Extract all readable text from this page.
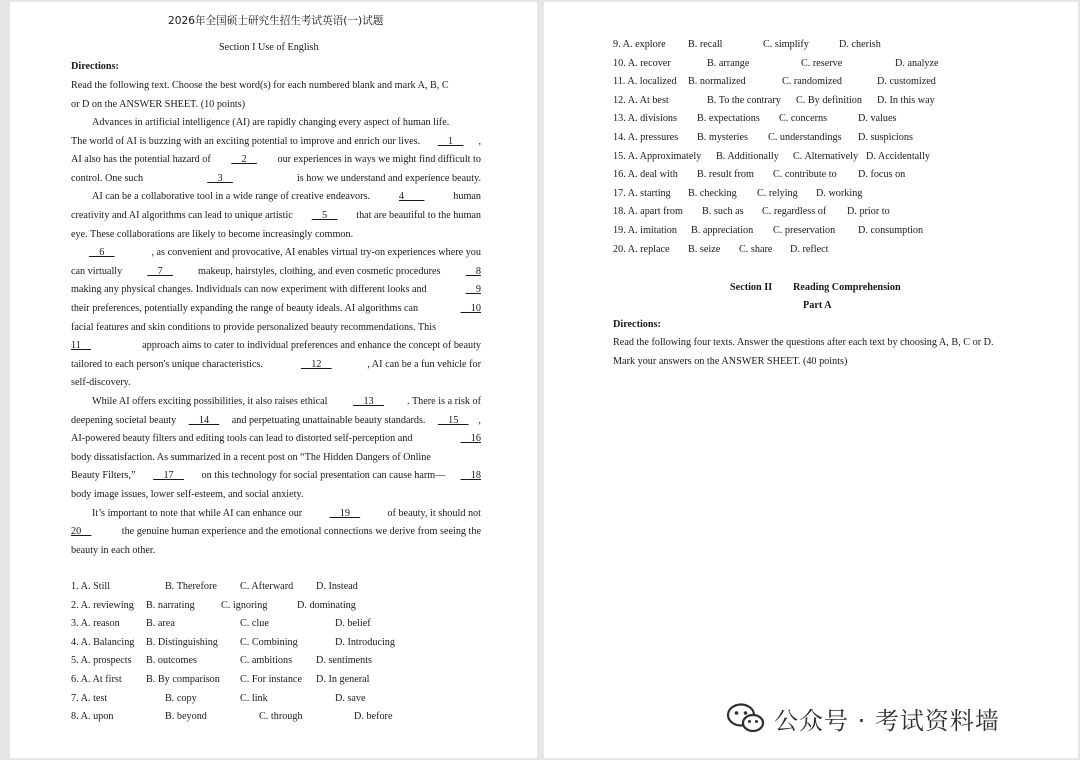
2026年全国硕士研究生招生考试英语(一)试题
Section I Use of English
Directions:
Read the following text. Choose the best word(s) for each numbered blank and mark A, B, C
or D on the ANSWER SHEET. (10 points)
Advances in artificial intelligence (AI) are rapidly changing every aspect of human life.
The world of AI is buzzing with an exciting potential to improve and enrich our lives. __1__ ,
AI also has the potential hazard of __2__ our experiences in ways we might find difficult to
control. One such	__3__	is how we understand and experience beauty.
AI can be a collaborative tool in a wide range of creative endeavors.	4____	human
creativity and AI algorithms can lead to unique artistic __5__ that are beautiful to the human
eye. These collaborations are likely to become increasingly common.
__6__	, as convenient and provocative, AI enables virtual try-on experiences where you
can virtually __7__ makeup, hairstyles, clothing, and even cosmetic procedures __8
making any physical changes. Individuals can now experiment with different looks and	__9
their preferences, potentially expanding the range of beauty ideals. AI algorithms can	__10
facial features and skin conditions to provide personalized beauty recommendations. This
11__	approach aims to cater to individual preferences and enhance the concept of beauty
tailored to each person's unique characteristics.	__12__	, AI can be a fun vehicle for
self-discovery.
While AI offers exciting possibilities, it also raises ethical __13__ . There is a risk of
deepening societal beauty __14__ and perpetuating unattainable beauty standards. __15__ ,
AI-powered beauty filters and editing tools can lead to distorted self-perception and	__16
body dissatisfaction. As summarized in a recent post on “The Hidden Dangers of Online
Beauty Filters,” __17__ on this technology for social presentation can cause harm— __18
body image issues, lower self-esteem, and social anxiety.
It’s important to note that while AI can enhance our __19__ of beauty, it should not
20__	the genuine human experience and the emotional connections we derive from seeing the
beauty in each other.
1. A. Still	B. Therefore C. Afterward D. Instead
2. A. reviewing B. narrating	C. ignoring	D. dominating
3. A. reason	B. area	C. clue	D. belief
4. A. Balancing B. Distinguishing C. Combining	D. Introducing
5. A. prospects B. outcomes	C. ambitions D. sentiments
6. A. At first B. By comparison C. For instance D. In general
7. A. test	B. copy	C. link	D. save
8. A. upon	B. beyond	C. through	D. before
9. A. explore B. recall	C. simplify	D. cherish
10. A. recover	B. arrange	C. reserve	D. analyze
11. A. localized B. normalized	C. randomized	D. customized
12. A. At best	B. To the contrary C. By definition D. In this way
13. A. divisions B. expectations C. concerns	D. values
14. A. pressures B. mysteries C. understandings D. suspicions
15. A. Approximately B. Additionally C. Alternatively D. Accidentally
16. A. deal with B. result from C. contribute to D. focus on
17. A. starting B. checking C. relying D. working
18. A. apart from B. such as C. regardless of D. prior to
19. A. imitation B. appreciation C. preservation D. consumption
20. A. replace B. seize C. share D. reflect
Section II Reading Comprehension
Part A
Directions:
Read the following four texts. Answer the questions after each text by choosing A, B, C or D.
Mark your answers on the ANSWER SHEET. (40 points)
公众号 · 考试资料墙
